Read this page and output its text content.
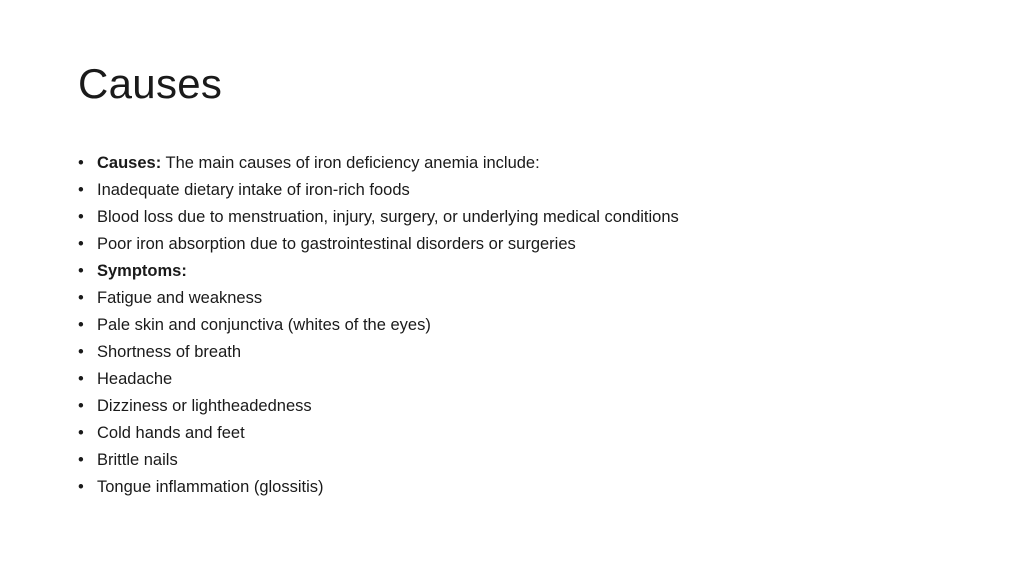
Causes
• Causes: The main causes of iron deficiency anemia include:
• Inadequate dietary intake of iron-rich foods
• Blood loss due to menstruation, injury, surgery, or underlying medical conditions
• Poor iron absorption due to gastrointestinal disorders or surgeries
• Symptoms:
• Fatigue and weakness
• Pale skin and conjunctiva (whites of the eyes)
• Shortness of breath
• Headache
• Dizziness or lightheadedness
• Cold hands and feet
• Brittle nails
• Tongue inflammation (glossitis)
